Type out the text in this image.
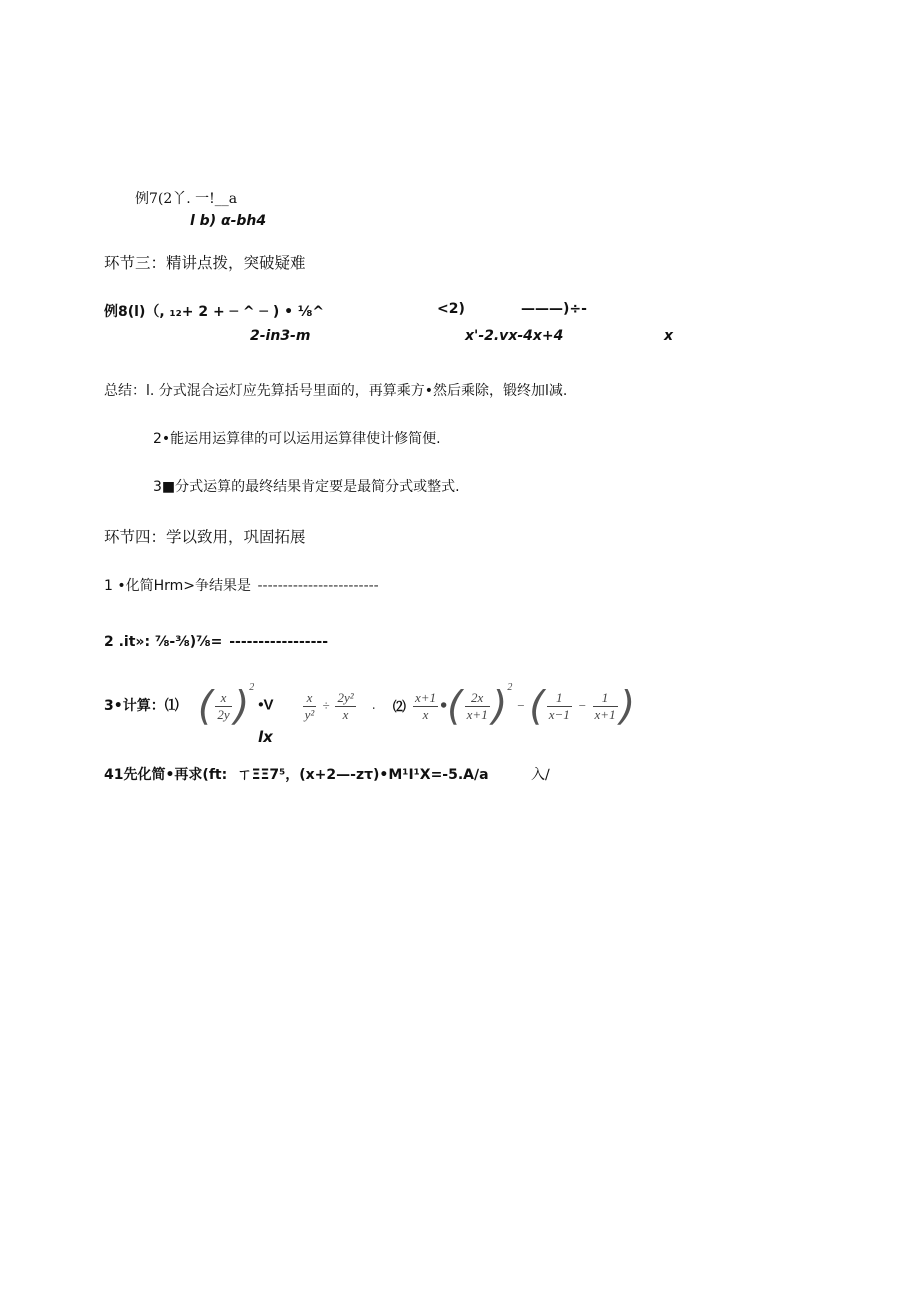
例7(2丫. 一!__a
l b) α-bh4
环节三：精讲点拨，突破疑难
例8(l)（, ₁₂+ 2 + ─ ^ ─ ) • ⅛^	<2)	———)÷-
2-in3-m	x'-2.vx-4x+4	x
总结：l. 分式混合运灯应先算括号里面的，再算乘方•然后乘除，锻终加l减.
2•能运用运算律的可以运用运算律使计修简便.
3■分式运算的最终结果肯定要是最简分式或整式.
环节四：学以致用，巩固拓展
1 •化简Hrm>争结果是 ------------------------
2 .it»: ⅞-⅜)⅞= -----------------
3•计算：⑴ ( $\frac{x}{2y} )^2$ •V $\frac{x}{\text{y²}} \div \frac{\text{2y²}}{x}$ . ⑵ $\frac{x+1}{x}$ •( $\frac{2x}{x+1} )^2-$ ( $\frac{1}{x-1} - \frac{1}{x+1}$ )
lx
41先化简•再求(ft: ㄒΞΞ7⁵，(x+2—-zτ)•M¹I¹X=-5.A∕a	入∕
